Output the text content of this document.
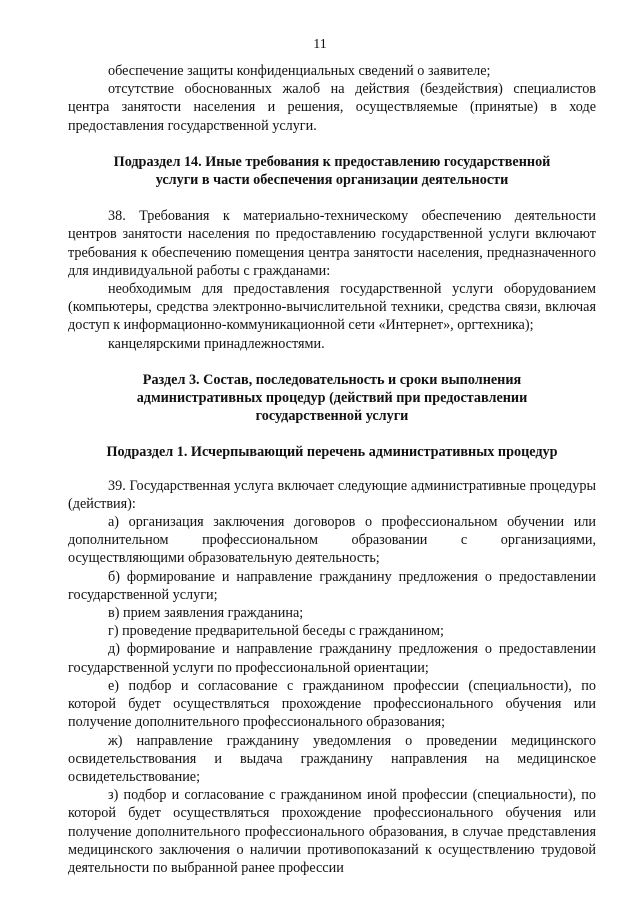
11

обеспечение защиты конфиденциальных сведений о заявителе;

отсутствие обоснованных жалоб на действия (бездействия) специалистов центра занятости населения и решения, осуществляемые (принятые) в ходе предоставления государственной услуги.

Подраздел 14. Иные требования к предоставлению государственной услуги в части обеспечения организации деятельности

38. Требования к материально-техническому обеспечению деятельности центров занятости населения по предоставлению государственной услуги включают требования к обеспечению помещения центра занятости населения, предназначенного для индивидуальной работы с гражданами:

необходимым для предоставления государственной услуги оборудованием (компьютеры, средства электронно-вычислительной техники, средства связи, включая доступ к информационно-коммуникационной сети «Интернет», оргтехника);

канцелярскими принадлежностями.

Раздел 3. Состав, последовательность и сроки выполнения административных процедур (действий при предоставлении государственной услуги

Подраздел 1. Исчерпывающий перечень административных процедур

39. Государственная услуга включает следующие административные процедуры (действия):

а) организация заключения договоров о профессиональном обучении или дополнительном профессиональном образовании с организациями, осуществляющими образовательную деятельность;

б) формирование и направление гражданину предложения о предоставлении государственной услуги;

в) прием заявления гражданина;

г) проведение предварительной беседы с гражданином;

д) формирование и направление гражданину предложения о предоставлении государственной услуги по профессиональной ориентации;

е) подбор и согласование с гражданином профессии (специальности), по которой будет осуществляться прохождение профессионального обучения или получение дополнительного профессионального образования;

ж) направление гражданину уведомления о проведении медицинского освидетельствования и выдача гражданину направления на медицинское освидетельствование;

з) подбор и согласование с гражданином иной профессии (специальности), по которой будет осуществляться прохождение профессионального обучения или получение дополнительного профессионального образования, в случае представления медицинского заключения о наличии противопоказаний к осуществлению трудовой деятельности по выбранной ранее профессии
